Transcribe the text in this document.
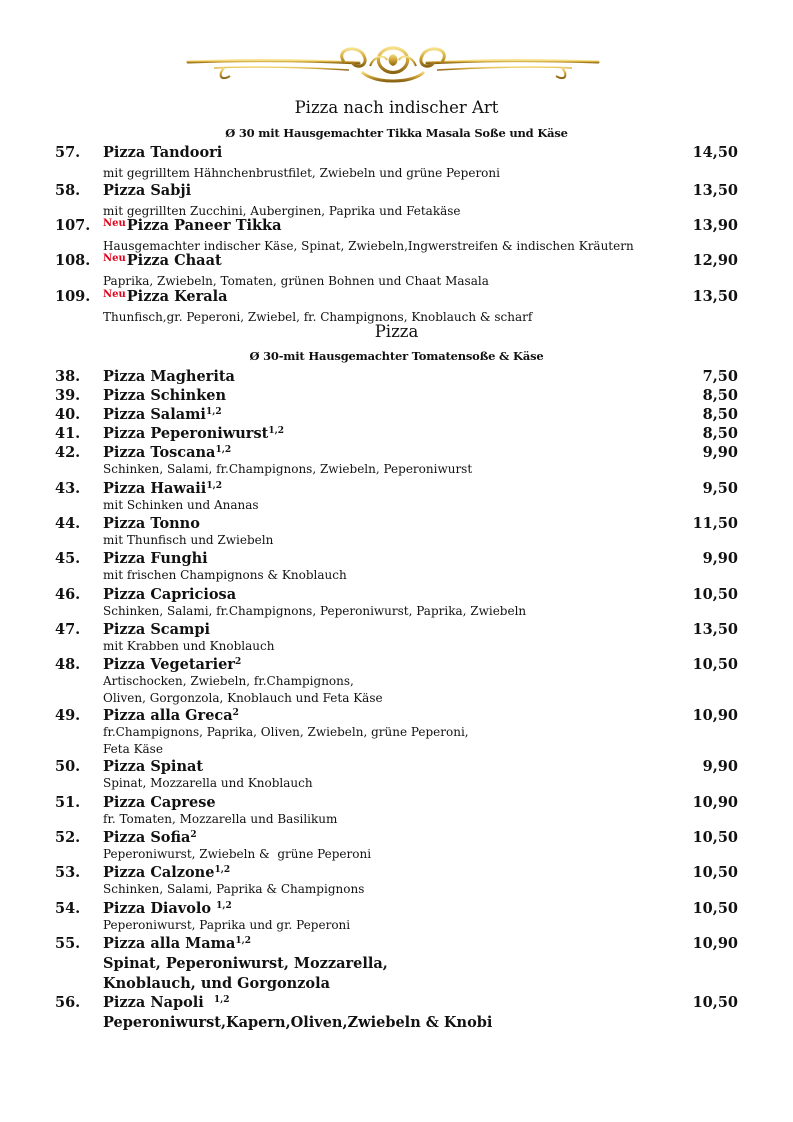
Pizza nach indischer Art
Ø 30 mit Hausgemachter Tikka Masala Soße und Käse
57. Pizza Tandoori	14,50
mit gegrilltem Hähnchenbrustfilet, Zwiebeln und grüne Peperoni
58. Pizza Sabji	13,50
mit gegrillten Zucchini, Auberginen, Paprika und Fetakäse
107. $^{Neu}$Pizza Paneer Tikka	13,90
Hausgemachter indischer Käse, Spinat, Zwiebeln,Ingwerstreifen & indischen Kräutern
108. $^{Neu}$Pizza Chaat	12,90
Paprika, Zwiebeln, Tomaten, grünen Bohnen und Chaat Masala
109. $^{Neu}$Pizza Kerala	13,50
Thunfisch,gr. Peperoni, Zwiebel, fr. Champignons, Knoblauch & scharf
Pizza
Ø 30-mit Hausgemachter Tomatensoße & Käse
38. Pizza Magherita	7,50
39. Pizza Schinken	8,50
40. Pizza Salami$^{1,2}$	8,50
41. Pizza Peperoniwurst$^{1,2}$	8,50
42. Pizza Toscana$^{1,2}$	9,90
Schinken, Salami, fr.Champignons, Zwiebeln, Peperoniwurst
43. Pizza Hawaii$^{1,2}$	9,50
mit Schinken und Ananas
44. Pizza Tonno	11,50
mit Thunfisch und Zwiebeln
45. Pizza Funghi	9,90
mit frischen Champignons & Knoblauch
46. Pizza Capriciosa	10,50
Schinken, Salami, fr.Champignons, Peperoniwurst, Paprika, Zwiebeln
47. Pizza Scampi	13,50
mit Krabben und Knoblauch
48. Pizza Vegetarier$^2$	10,50
Artischocken, Zwiebeln, fr.Champignons,
Oliven, Gorgonzola, Knoblauch und Feta Käse
49. Pizza alla Greca$^2$	10,90
fr.Champignons, Paprika, Oliven, Zwiebeln, grüne Peperoni,
Feta Käse
50. Pizza Spinat	9,90
Spinat, Mozzarella und Knoblauch
51. Pizza Caprese	10,90
fr. Tomaten, Mozzarella und Basilikum
52. Pizza Sofia$^2$	10,50
Peperoniwurst, Zwiebeln &  grüne Peperoni
53. Pizza Calzone$^{1,2}$	10,50
Schinken, Salami, Paprika & Champignons
54. Pizza Diavolo $^{1,2}$	10,50
Peperoniwurst, Paprika und gr. Peperoni
55. Pizza alla Mama$^{1,2}$	10,90
Spinat, Peperoniwurst, Mozzarella,
Knoblauch, und Gorgonzola
56. Pizza Napoli  $^{1,2}$	10,50
Peperoniwurst,Kapern,Oliven,Zwiebeln & Knobi
